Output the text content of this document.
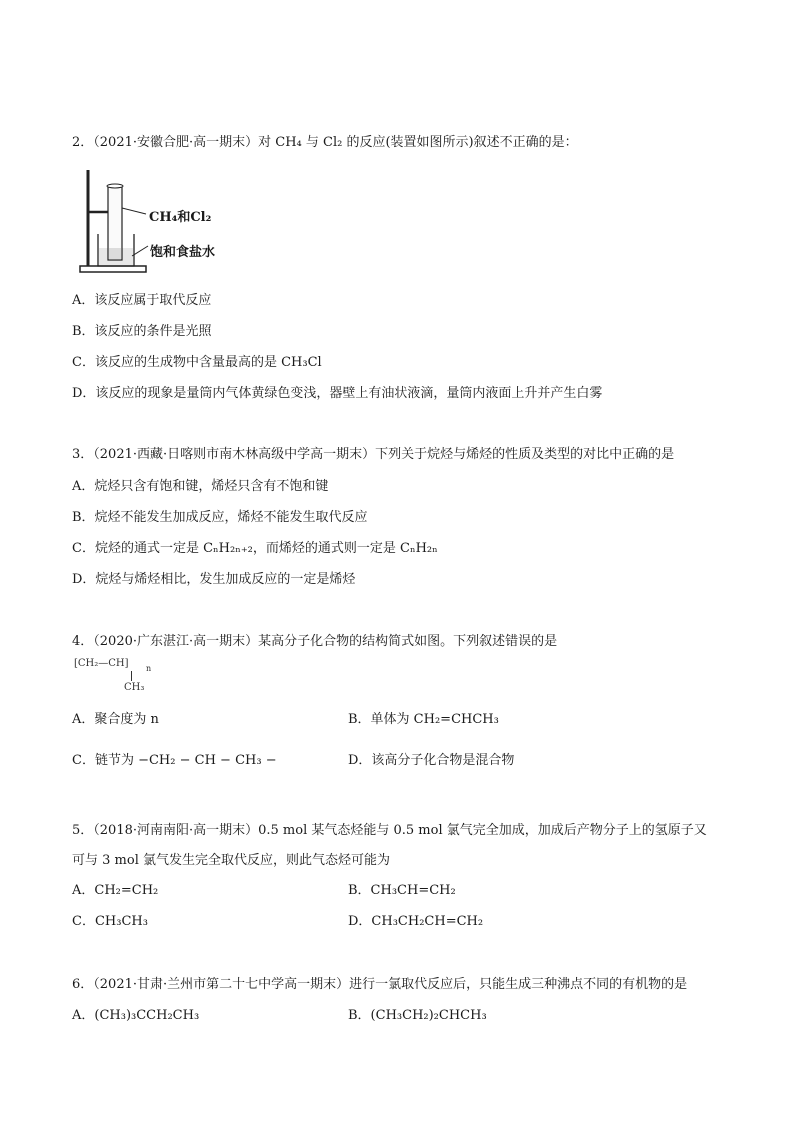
2．（2021·安徽合肥·高一期末）对 CH₄ 与 Cl₂ 的反应(装置如图所示)叙述不正确的是：
CH₄和Cl₂
饱和食盐水
A．该反应属于取代反应
B．该反应的条件是光照
C．该反应的生成物中含量最高的是 CH₃Cl
D．该反应的现象是量筒内气体黄绿色变浅，器壁上有油状液滴，量筒内液面上升并产生白雾
3．（2021·西藏·日喀则市南木林高级中学高一期末）下列关于烷烃与烯烃的性质及类型的对比中正确的是
A．烷烃只含有饱和键，烯烃只含有不饱和键
B．烷烃不能发生加成反应，烯烃不能发生取代反应
C．烷烃的通式一定是 CₙH₂ₙ₊₂，而烯烃的通式则一定是 CₙH₂ₙ
D．烷烃与烯烃相比，发生加成反应的一定是烯烃
4．（2020·广东湛江·高一期末）某高分子化合物的结构简式如图。下列叙述错误的是
[CH₂—CH] n
CH₃
A．聚合度为 n	B．单体为 CH₂=CHCH₃
C．链节为 −CH₂ − CH − CH₃ −	D．该高分子化合物是混合物
5．（2018·河南南阳·高一期末）0.5 mol 某气态烃能与 0.5 mol 氯气完全加成，加成后产物分子上的氢原子又
可与 3 mol 氯气发生完全取代反应，则此气态烃可能为
A．CH₂=CH₂	B．CH₃CH=CH₂
C．CH₃CH₃	D．CH₃CH₂CH=CH₂
6．（2021·甘肃·兰州市第二十七中学高一期末）进行一氯取代反应后，只能生成三种沸点不同的有机物的是
A．(CH₃)₃CCH₂CH₃	B．(CH₃CH₂)₂CHCH₃
